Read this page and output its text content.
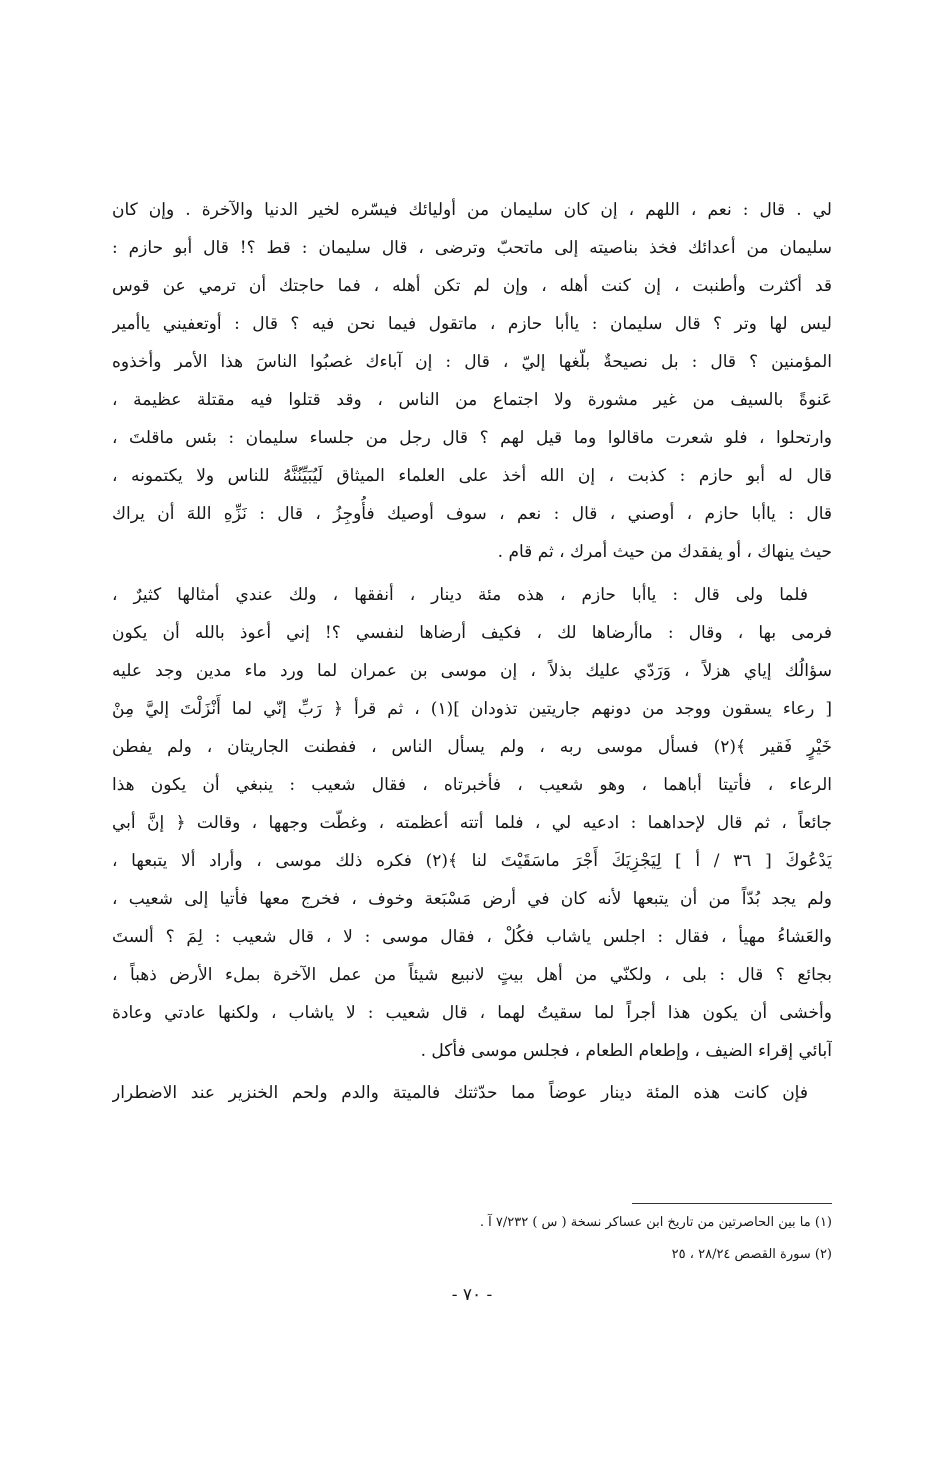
لي . قال : نعم ، اللهم ، إن كان سليمان من أوليائك فيسّره لخير الدنيا والآخرة . وإن كان
سليمان من أعدائك فخذ بناصيته إلى ماتحبّ وترضى ، قال سليمان : قط ؟! قال أبو حازم :
قد أكثرت وأطنبت ، إن كنت أهله ، وإن لم تكن أهله ، فما حاجتك أن ترمي عن قوس
ليس لها وتر ؟ قال سليمان : ياأبا حازم ، ماتقول فيما نحن فيه ؟ قال : أوتعفيني ياأمير
المؤمنين ؟ قال : بل نصيحةٌ بلّغها إليّ ، قال : إن آباءك غصبُوا الناسَ هذا الأمر وأخذوه
عَنوةً بالسيف من غير مشورة ولا اجتماع من الناس ، وقد قتلوا فيه مقتلة عظيمة ،
وارتحلوا ، فلو شعرت ماقالوا وما قيل لهم ؟ قال رجل من جلساء سليمان : بئس ماقلتَ ،
قال له أبو حازم : كذبت ، إن الله أخذ على العلماء الميثاق لَيُبَيِّنُنَّهُ للناس ولا يكتمونه ،
قال : ياأبا حازم ، أوصني ، قال : نعم ، سوف أوصيك فأُوجِزُ ، قال : نَزِّهِ اللهَ أن يراك
حيث ينهاك ، أو يفقدك من حيث أمرك ، ثم قام .
فلما ولى قال : ياأبا حازم ، هذه مئة دينار ، أنفقها ، ولك عندي أمثالها كثيرٌ ،
فرمى بها ، وقال : ماأرضاها لك ، فكيف أرضاها لنفسي ؟! إني أعوذ بالله أن يكون
سؤالُك إياي هزلاً ، وَرَدّي عليك بذلاً ، إن موسى بن عمران لما ورد ماء مدين وجد عليه
[ رعاء يسقون ووجد من دونهم جاريتين تذودان ](١) ، ثم قرأ ﴿ رَبِّ إنّي لما أَنْزَلْتَ إليَّ مِنْ
خَيْرٍ فَقير ﴾(٢) فسأل موسى ربه ، ولم يسأل الناس ، ففطنت الجاريتان ، ولم يفطن
الرعاء ، فأتيتا أباهما ، وهو شعيب ، فأخبرتاه ، فقال شعيب : ينبغي أن يكون هذا
جائعاً ، ثم قال لإحداهما : ادعيه لي ، فلما أتته أعظمته ، وغطّت وجهها ، وقالت ﴿ إنَّ أبي
يَدْعُوكَ [ ٣٦ / أ ] لِيَجْزِيَكَ أَجْرَ ماسَقَيْتَ لنا ﴾(٢) فكره ذلك موسى ، وأراد ألا يتبعها ،
ولم يجد بُدّاً من أن يتبعها لأنه كان في أرض مَسْبَعة وخوف ، فخرج معها فأتيا إلى شعيب ،
والعَشاءُ مهيأ ، فقال : اجلس ياشاب فكُلْ ، فقال موسى : لا ، قال شعيب : لِمَ ؟ ألستَ
بجائع ؟ قال : بلى ، ولكنّي من أهل بيتٍ لانبيع شيئاً من عمل الآخرة بملء الأرض ذهباً ،
وأخشى أن يكون هذا أجراً لما سقيتُ لهما ، قال شعيب : لا ياشاب ، ولكنها عادتي وعادة
آبائي إقراء الضيف ، وإطعام الطعام ، فجلس موسى فأكل .
فإن كانت هذه المئة دينار عوضاً مما حدّثتك فالميتة والدم ولحم الخنزير عند الاضطرار
(١) ما بين الحاصرتين من تاريخ ابن عساكر نسخة ( س ) ٧/٢٣٢ آ .
(٢) سورة القصص ٢٨/٢٤ ، ٢٥
- ٧٠ -
